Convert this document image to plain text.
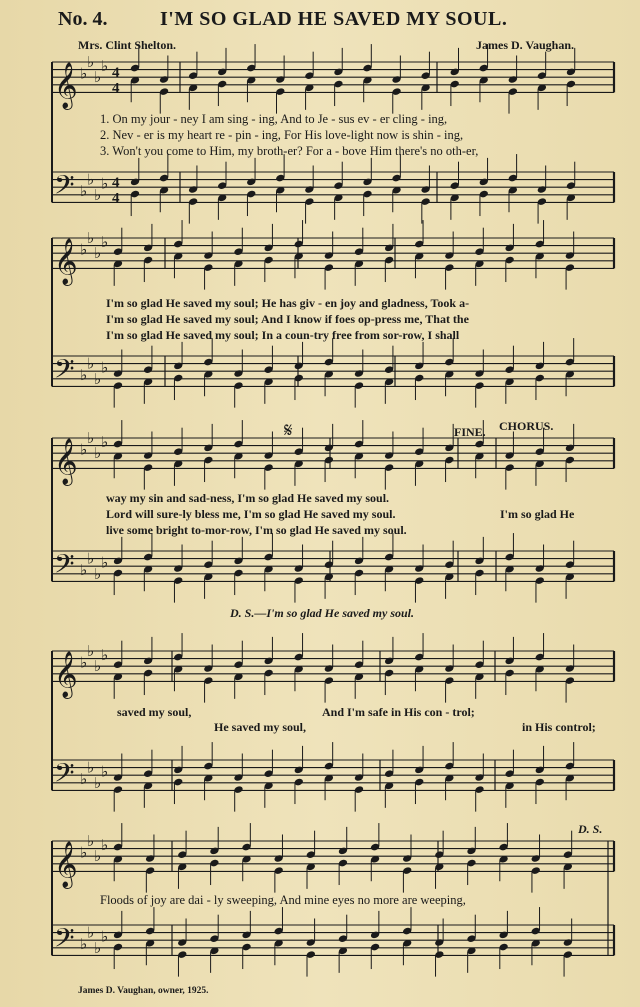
No. 4.	I'M SO GLAD HE SAVED MY SOUL.
Mrs. Clint Shelton.	James D. Vaughan.
𝄞 ♭
♭
♭
♭ 4
4
𝄢 ♭
♭
♭
♭ 4
4
𝄞 ♭
♭
♭
♭
𝄢 ♭
♭
♭
♭
𝄞 ♭
♭
♭
♭
𝄢 ♭
♭
♭
♭
𝄞 ♭
♭
♭
♭
𝄢 ♭
♭
♭
♭
𝄞 ♭
♭
♭
♭
𝄢 ♭
♭
♭
♭
1. On my jour - ney I am sing - ing, And to Je - sus ev - er cling - ing,
2. Nev - er is my heart re - pin - ing, For His love-light now is shin - ing,
3. Won't you come to Him, my broth-er? For a - bove Him there's no oth-er,
I'm so glad He saved my soul; He has giv - en joy and gladness, Took a-
I'm so glad He saved my soul; And I know if foes op-press me, That the
I'm so glad He saved my soul; In a coun-try free from sor-row, I shall
𝄋	FINE. CHORUS.
way my sin and sad-ness, I'm so glad He saved my soul.
Lord will sure-ly bless me, I'm so glad He saved my soul.	I'm so glad He
live some bright to-mor-row, I'm so glad He saved my soul.
D. S.—I'm so glad He saved my soul.
saved my soul,	And I'm safe in His con - trol;
He saved my soul,	in His control;
D. S.
Floods of joy are dai - ly sweeping, And mine eyes no more are weeping,
James D. Vaughan, owner, 1925.
